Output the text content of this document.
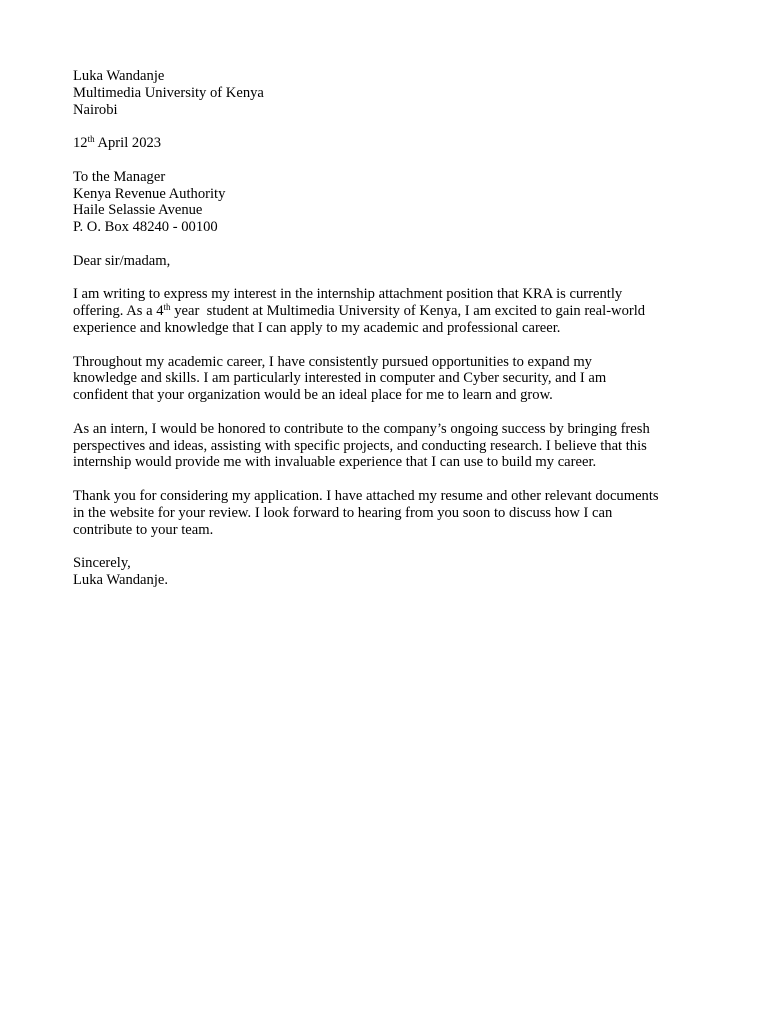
Luka Wandanje
Multimedia University of Kenya
Nairobi
12th April 2023
To the Manager
Kenya Revenue Authority
Haile Selassie Avenue
P. O. Box 48240 - 00100
Dear sir/madam,
I am writing to express my interest in the internship attachment position that KRA is currently
offering. As a 4th year  student at Multimedia University of Kenya, I am excited to gain real-world
experience and knowledge that I can apply to my academic and professional career.
Throughout my academic career, I have consistently pursued opportunities to expand my
knowledge and skills. I am particularly interested in computer and Cyber security, and I am
confident that your organization would be an ideal place for me to learn and grow.
As an intern, I would be honored to contribute to the company’s ongoing success by bringing fresh
perspectives and ideas, assisting with specific projects, and conducting research. I believe that this
internship would provide me with invaluable experience that I can use to build my career.
Thank you for considering my application. I have attached my resume and other relevant documents
in the website for your review. I look forward to hearing from you soon to discuss how I can
contribute to your team.
Sincerely,
Luka Wandanje.
